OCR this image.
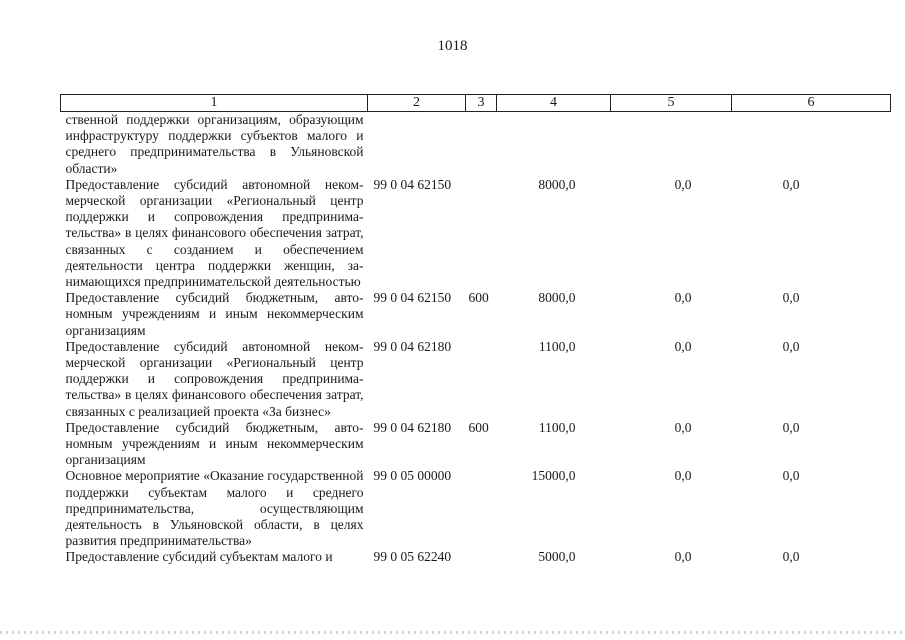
1018
1	2	3	4	5	6
ственной поддержки организациям, образующим инфраструктуру поддержки субъектов малого и среднего предпринимательства в Ульяновской области»					
Предоставление субсидий автономной некоммерческой организации «Региональный центр поддержки и сопровождения предпринимательства» в целях финансового обеспечения затрат, связанных с созданием и обеспечением деятельности центра поддержки женщин, занимающихся предпринимательской деятельностью	99 0 04 62150		8000,0	0,0	0,0
Предоставление субсидий бюджетным, автономным учреждениям и иным некоммерческим организациям	99 0 04 62150	600	8000,0	0,0	0,0
Предоставление субсидий автономной некоммерческой организации «Региональный центр поддержки и сопровождения предпринимательства» в целях финансового обеспечения затрат, связанных с реализацией проекта «За бизнес»	99 0 04 62180		1100,0	0,0	0,0
Предоставление субсидий бюджетным, автономным учреждениям и иным некоммерческим организациям	99 0 04 62180	600	1100,0	0,0	0,0
Основное мероприятие «Оказание государственной поддержки субъектам малого и среднего предпринимательства, осуществляющим деятельность в Ульяновской области, в целях развития предпринимательства»	99 0 05 00000		15000,0	0,0	0,0
Предоставление субсидий субъектам малого и	99 0 05 62240		5000,0	0,0	0,0
